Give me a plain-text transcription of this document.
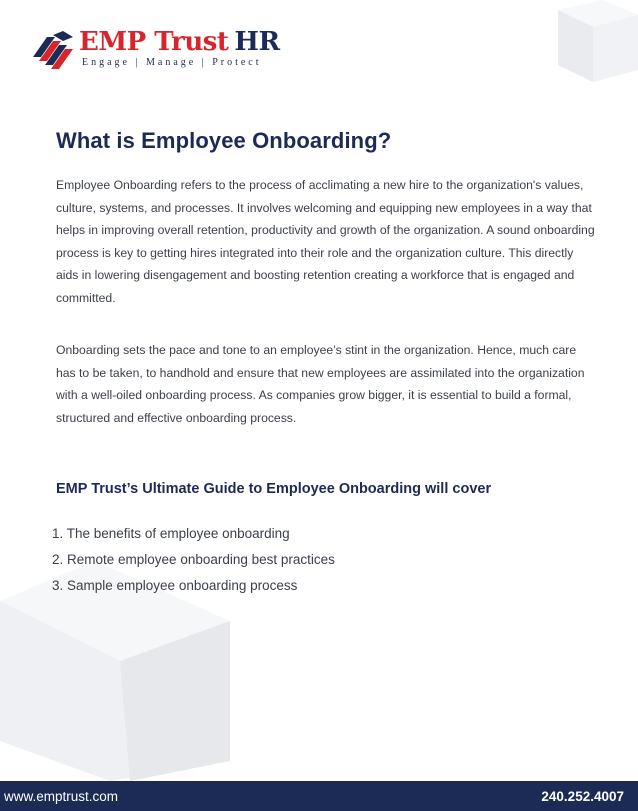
EMP Trust HR
Engage | Manage | Protect
What is Employee Onboarding?

Employee Onboarding refers to the process of acclimating a new hire to the organization's values, culture, systems, and processes. It involves welcoming and equipping new employees in a way that helps in improving overall retention, productivity and growth of the organization. A sound onboarding process is key to getting hires integrated into their role and the organization culture. This directly aids in lowering disengagement and boosting retention creating a workforce that is engaged and committed.

Onboarding sets the pace and tone to an employee’s stint in the organization. Hence, much care has to be taken, to handhold and ensure that new employees are assimilated into the organization with a well-oiled onboarding process. As companies grow bigger, it is essential to build a formal, structured and effective onboarding process.

EMP Trust’s Ultimate Guide to Employee Onboarding will cover
1. The benefits of employee onboarding
2. Remote employee onboarding best practices
3. Sample employee onboarding process
www.emptrust.com	240.252.4007
